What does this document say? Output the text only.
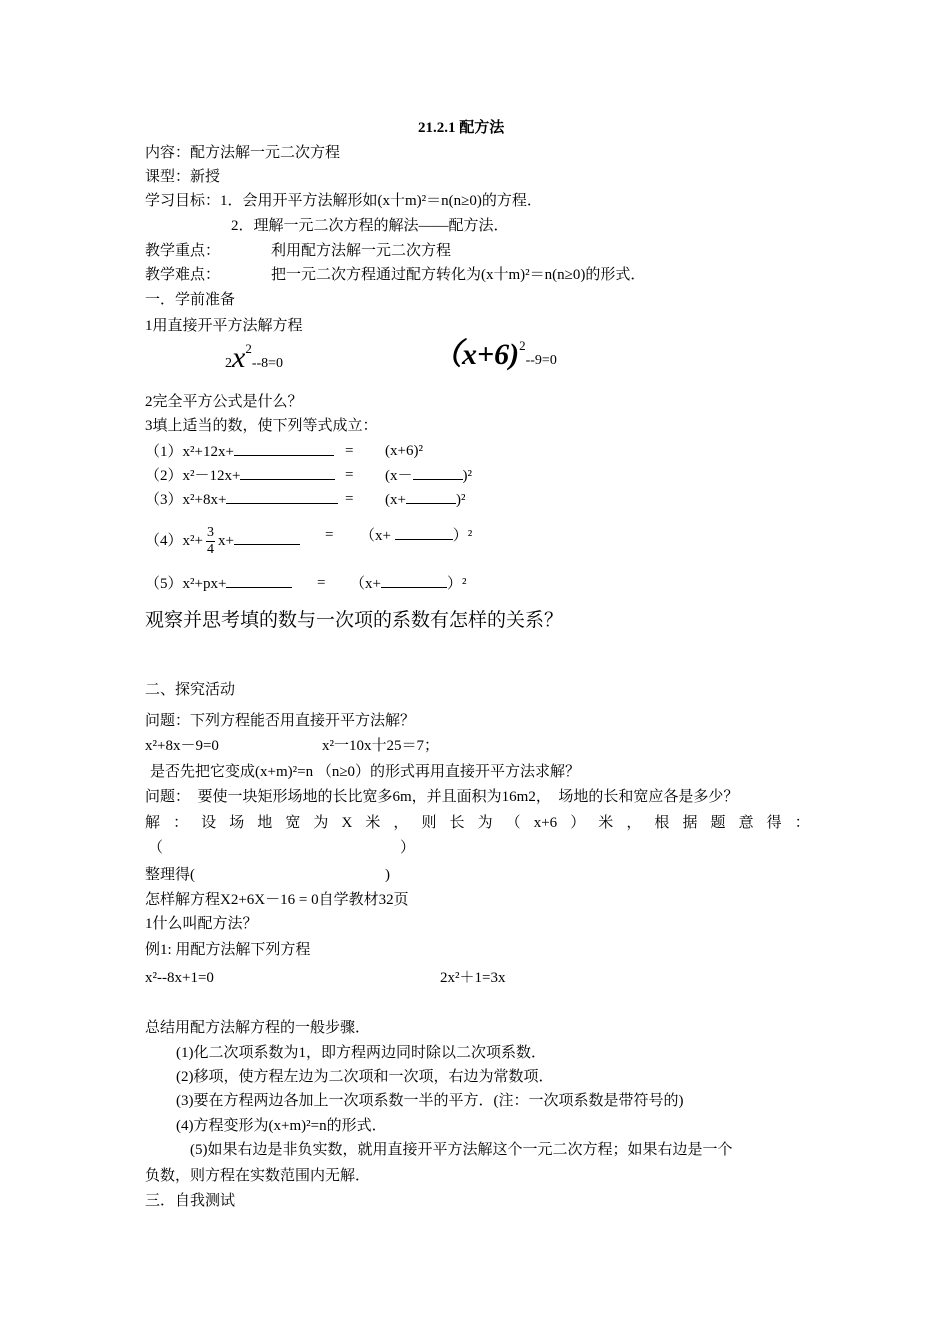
21.2.1 配方法
内容：配方法解一元二次方程
课型：新授
学习目标：1．会用开平方法解形如(x十m)²＝n(n≥0)的方程．
2．理解一元二次方程的解法——配方法．
教学重点：	利用配方法解一元二次方程
教学难点：	把一元二次方程通过配方转化为(x十m)²＝n(n≥0)的形式．
一．学前准备
1用直接开平方法解方程
$2x^2--8=0$	（x+6)$^2$--9=0
2完全平方公式是什么？
3填上适当的数，使下列等式成立：
（1）x²+12x+	= (x+6)²
（2）x²－12x+	= (x－	)²
（3）x²+8x+	= (x+	)²
$(4)x^2+ \frac{3}{4} x+$	= （x+	）²
（5）x²+px+	= （x+	）²
观察并思考填的数与一次项的系数有怎样的关系？
二、探究活动
问题：下列方程能否用直接开平方法解？
x²+8x－9=0	x²一10x十25＝7；
是否先把它变成(x+m)²=n （n≥0）的形式再用直接开平方法求解？
问题：　要使一块矩形场地的长比宽多6m，并且面积为16m2，　场地的长和宽应各是多少？
解 ： 设 场 地 宽 为 X 米 ， 则 长 为 （ x+6 ） 米 ， 根 据 题 意 得 ：
（	）
整理得(	)
怎样解方程X2+6X－16 = 0自学教材32页
1什么叫配方法？
例1: 用配方法解下列方程
x²--8x+1=0	2x²＋1=3x
总结用配方法解方程的一般步骤．
(1)化二次项系数为1，即方程两边同时除以二次项系数．
(2)移项，使方程左边为二次项和一次项，右边为常数项．
(3)要在方程两边各加上一次项系数一半的平方．(注：一次项系数是带符号的)
(4)方程变形为(x+m)²=n的形式．
(5)如果右边是非负实数，就用直接开平方法解这个一元二次方程；如果右边是一个
负数，则方程在实数范围内无解．
三．自我测试
